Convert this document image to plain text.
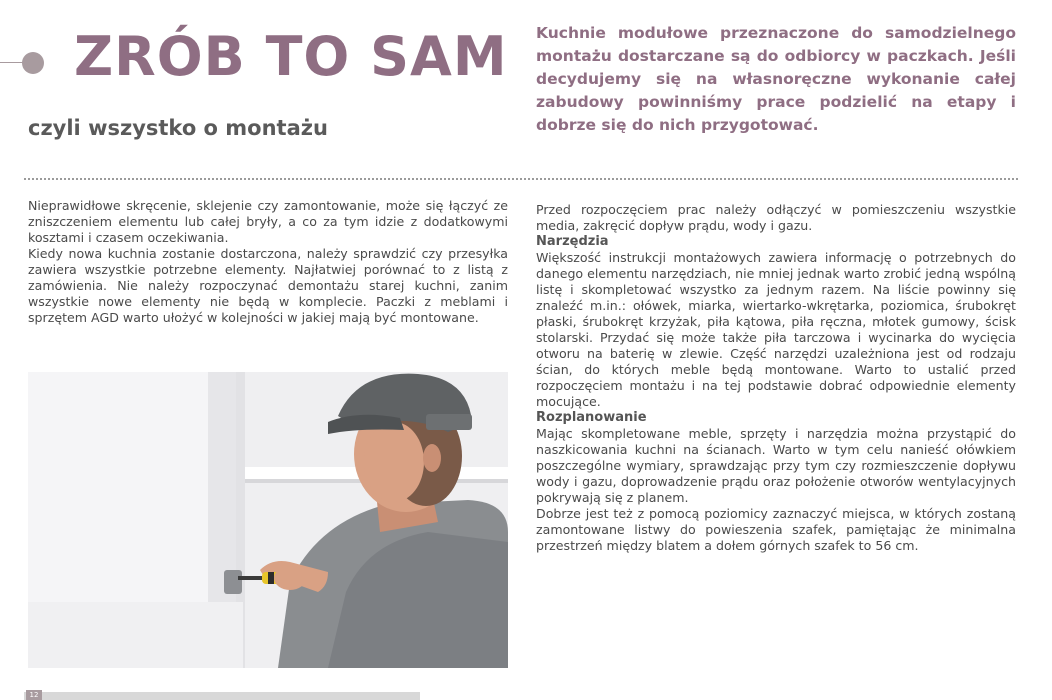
ZRÓB TO SAM
czyli wszystko o montażu

Kuchnie modułowe przeznaczone do samodzielnego montażu dostarczane są do odbiorcy w paczkach. Jeśli decydujemy się na własnoręczne wykonanie całej zabudowy powinniśmy prace podzielić na etapy i dobrze się do nich przygotować.

Nieprawidłowe skręcenie, sklejenie czy zamontowanie, może się łączyć ze zniszczeniem elementu lub całej bryły, a co za tym idzie z dodatkowymi kosztami i czasem oczekiwania.

Kiedy nowa kuchnia zostanie dostarczona, należy sprawdzić czy przesyłka zawiera wszystkie potrzebne elementy. Najłatwiej porównać to z listą z zamówienia. Nie należy rozpoczynać demontażu starej kuchni, zanim wszystkie nowe elementy nie będą w komplecie. Paczki z meblami i sprzętem AGD warto ułożyć w kolejności w jakiej mają być montowane.

Przed rozpoczęciem prac należy odłączyć w pomieszczeniu wszystkie media, zakręcić dopływ prądu, wody i gazu.

Narzędzia

Większość instrukcji montażowych zawiera informację o potrzebnych do danego elementu narzędziach, nie mniej jednak warto zrobić jedną wspólną listę i skompletować wszystko za jednym razem. Na liście powinny się znaleźć m.in.: ołówek, miarka, wiertarko-wkrętarka, poziomica, śrubokręt płaski, śrubokręt krzyżak, piła kątowa, piła ręczna, młotek gumowy, ścisk stolarski. Przydać się może także piła tarczowa i wycinarka do wycięcia otworu na baterię w zlewie. Część narzędzi uzależniona jest od rodzaju ścian, do których meble będą montowane. Warto to ustalić przed rozpoczęciem montażu i na tej podstawie dobrać odpowiednie elementy mocujące.

Rozplanowanie

Mając skompletowane meble, sprzęty i narzędzia można przystąpić do naszkicowania kuchni na ścianach. Warto w tym celu nanieść ołówkiem poszczególne wymiary, sprawdzając przy tym czy rozmieszczenie dopływu wody i gazu, doprowadzenie prądu oraz położenie otworów wentylacyjnych pokrywają się z planem.

Dobrze jest też z pomocą poziomicy zaznaczyć miejsca, w których zostaną zamontowane listwy do powieszenia szafek, pamiętając że minimalna przestrzeń między blatem a dołem górnych szafek to 56 cm.

12
